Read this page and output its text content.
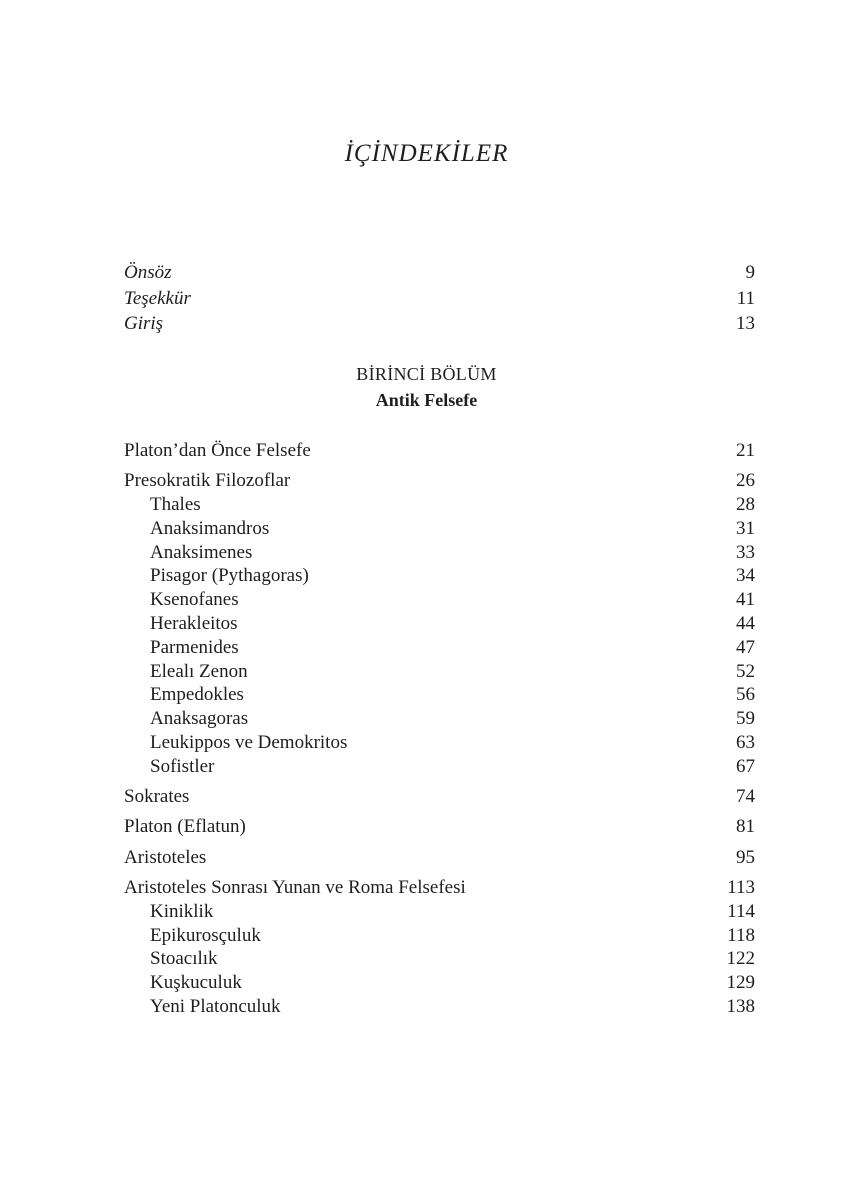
İÇİNDEKİLER
Önsöz	9
Teşekkür	11
Giriş	13
BİRİNCİ BÖLÜM
Antik Felsefe
Platon’dan Önce Felsefe	21
Presokratik Filozoflar	26
Thales	28
Anaksimandros	31
Anaksimenes	33
Pisagor (Pythagoras)	34
Ksenofanes	41
Herakleitos	44
Parmenides	47
Elealı Zenon	52
Empedokles	56
Anaksagoras	59
Leukippos ve Demokritos	63
Sofistler	67
Sokrates	74
Platon (Eflatun)	81
Aristoteles	95
Aristoteles Sonrası Yunan ve Roma Felsefesi	113
Kiniklik	114
Epikurosçuluk	118
Stoacılık	122
Kuşkuculuk	129
Yeni Platonculuk	138
